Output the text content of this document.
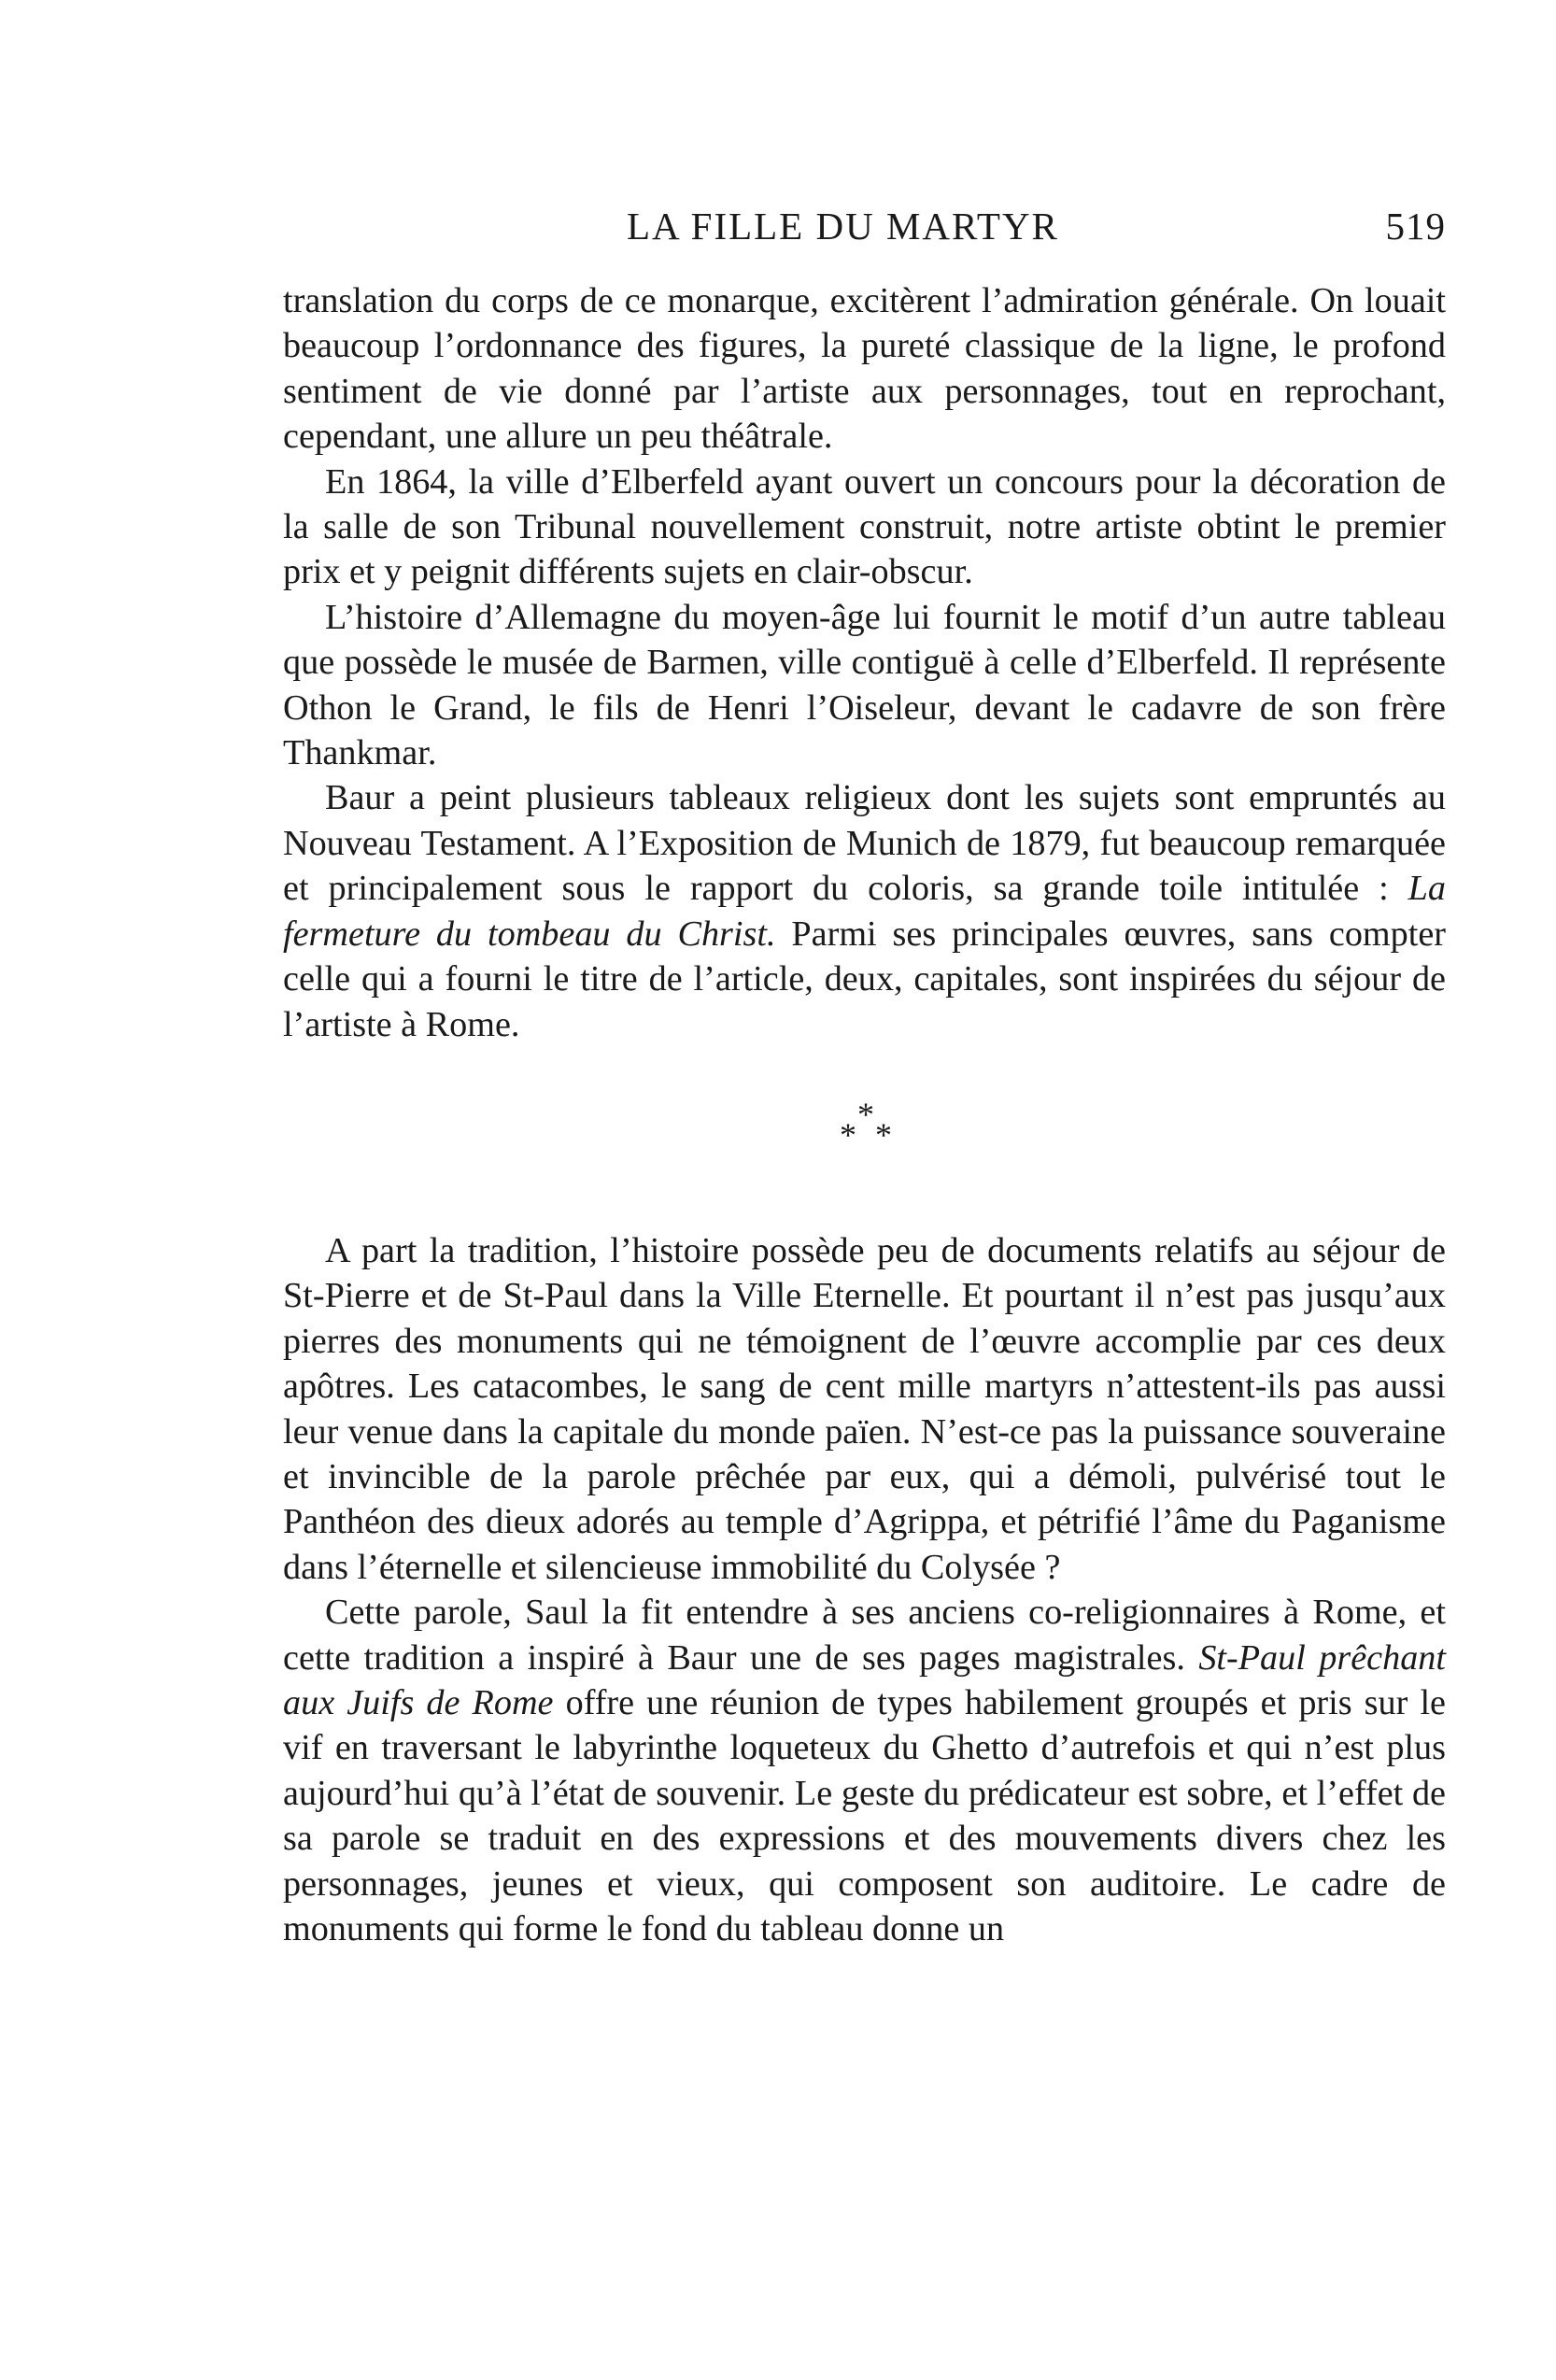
LA FILLE DU MARTYR	519

translation du corps de ce monarque, excitèrent l’admiration générale. On louait beaucoup l’ordonnance des figures, la pureté classique de la ligne, le profond sentiment de vie donné par l’artiste aux personnages, tout en reprochant, cependant, une allure un peu théâtrale.

En 1864, la ville d’Elberfeld ayant ouvert un concours pour la décoration de la salle de son Tribunal nouvellement construit, notre artiste obtint le premier prix et y peignit différents sujets en clair-obscur.

L’histoire d’Allemagne du moyen-âge lui fournit le motif d’un autre tableau que possède le musée de Barmen, ville contiguë à celle d’Elberfeld. Il représente Othon le Grand, le fils de Henri l’Oiseleur, devant le cadavre de son frère Thankmar.

Baur a peint plusieurs tableaux religieux dont les sujets sont empruntés au Nouveau Testament. A l’Exposition de Munich de 1879, fut beaucoup remarquée et principalement sous le rapport du coloris, sa grande toile intitulée : La fermeture du tombeau du Christ. Parmi ses principales œuvres, sans compter celle qui a fourni le titre de l’article, deux, capitales, sont inspirées du séjour de l’artiste à Rome.

*
* *

A part la tradition, l’histoire possède peu de documents relatifs au séjour de St-Pierre et de St-Paul dans la Ville Eternelle. Et pourtant il n’est pas jusqu’aux pierres des monuments qui ne témoignent de l’œuvre accomplie par ces deux apôtres. Les catacombes, le sang de cent mille martyrs n’attestent-ils pas aussi leur venue dans la capitale du monde païen. N’est-ce pas la puissance souveraine et invincible de la parole prêchée par eux, qui a démoli, pulvérisé tout le Panthéon des dieux adorés au temple d’Agrippa, et pétrifié l’âme du Paganisme dans l’éternelle et silencieuse immobilité du Colysée ?

Cette parole, Saul la fit entendre à ses anciens co-religionnaires à Rome, et cette tradition a inspiré à Baur une de ses pages magistrales. St-Paul prêchant aux Juifs de Rome offre une réunion de types habilement groupés et pris sur le vif en traversant le labyrinthe loqueteux du Ghetto d’autrefois et qui n’est plus aujourd’hui qu’à l’état de souvenir. Le geste du prédicateur est sobre, et l’effet de sa parole se traduit en des expressions et des mouvements divers chez les personnages, jeunes et vieux, qui composent son auditoire. Le cadre de monuments qui forme le fond du tableau donne un
